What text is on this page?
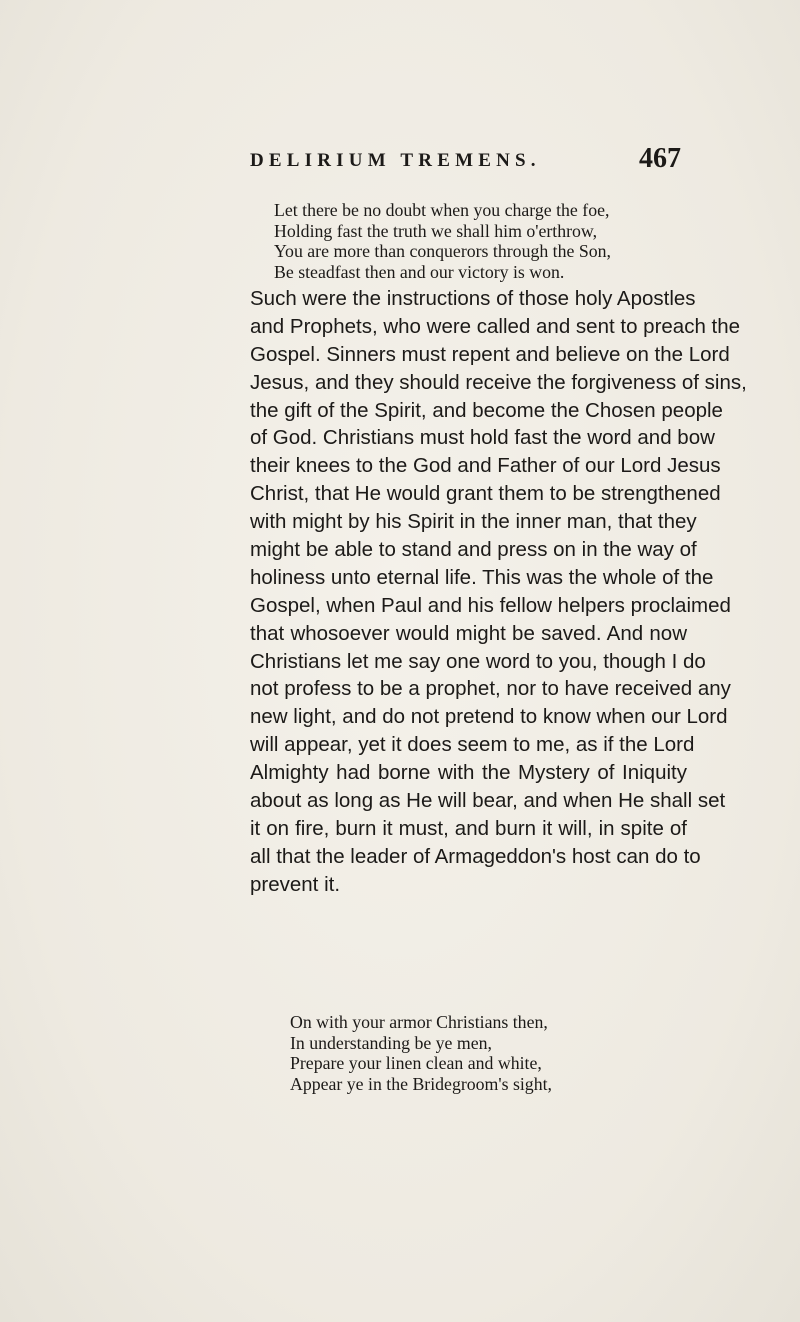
DELIRIUM TREMENS.	467
Let there be no doubt when you charge the foe,
Holding fast the truth we shall him o'erthrow,
You are more than conquerors through the Son,
Be steadfast then and our victory is won.
Such were the instructions of those holy Apostles
and Prophets, who were called and sent to preach the
Gospel. Sinners must repent and believe on the Lord
Jesus, and they should receive the forgiveness of sins,
the gift of the Spirit, and become the Chosen people
of God. Christians must hold fast the word and bow
their knees to the God and Father of our Lord Jesus
Christ, that He would grant them to be strengthened
with might by his Spirit in the inner man, that they
might be able to stand and press on in the way of
holiness unto eternal life. This was the whole of the
Gospel, when Paul and his fellow helpers proclaimed
that whosoever would might be saved. And now
Christians let me say one word to you, though I do
not profess to be a prophet, nor to have received any
new light, and do not pretend to know when our Lord
will appear, yet it does seem to me, as if the Lord
Almighty had borne with the Mystery of Iniquity
about as long as He will bear, and when He shall set
it on fire, burn it must, and burn it will, in spite of
all that the leader of Armageddon's host can do to
prevent it.
On with your armor Christians then,
In understanding be ye men,
Prepare your linen clean and white,
Appear ye in the Bridegroom's sight,
